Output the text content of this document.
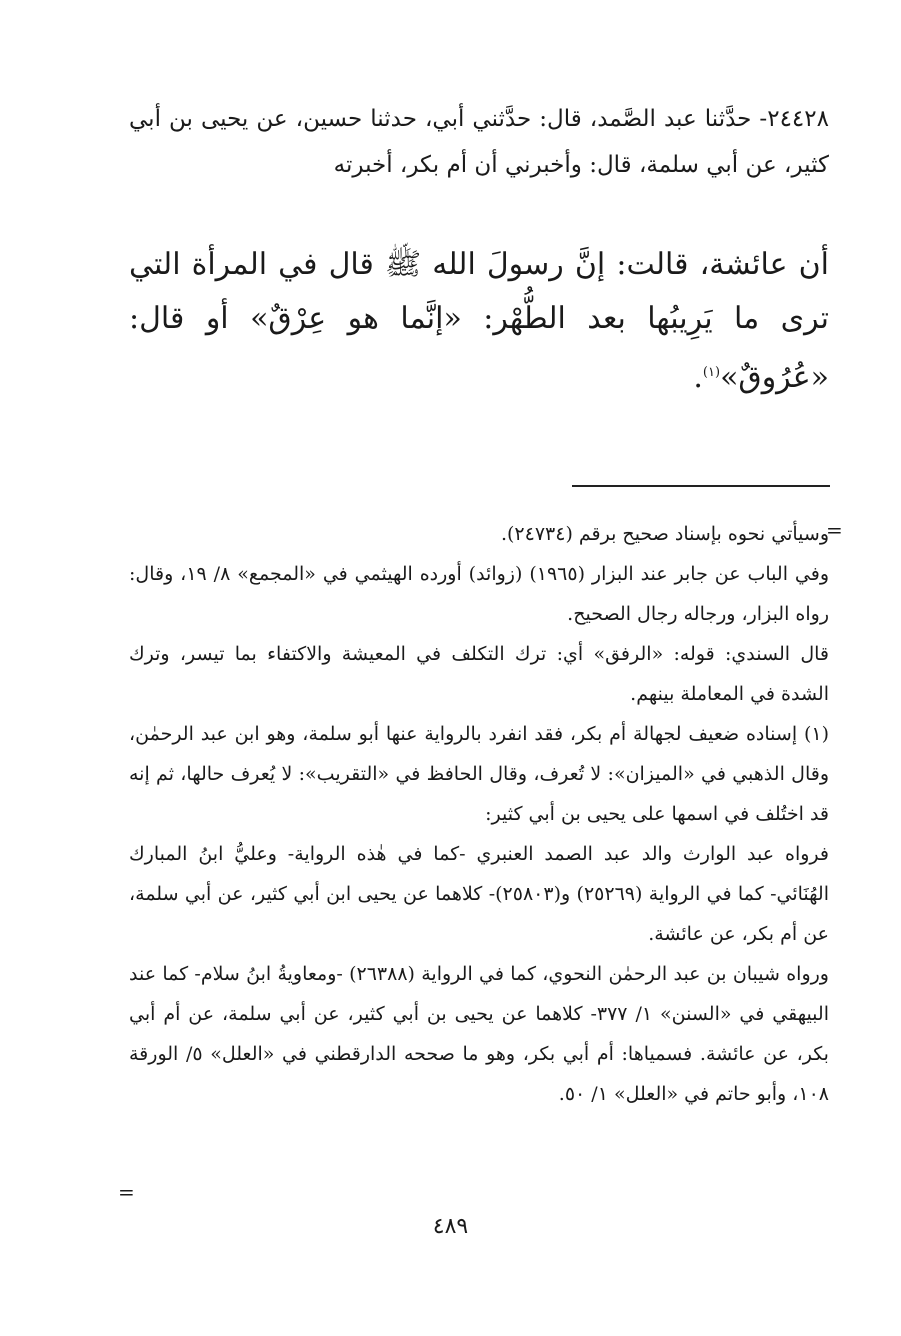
٢٤٤٢٨- حدَّثنا عبد الصَّمد، قال: حدَّثني أبي، حدثنا حسين، عن يحيى بن أبي كثير، عن أبي سلمة، قال: وأخبرني أن أم بكر، أخبرته
أن عائشة، قالت: إنَّ رسولَ الله ﷺ قال في المرأة التي ترى ما يَرِيبُها بعد الطُّهْر: «إنَّما هو عِرْقٌ» أو قال: «عُرُوقٌ»$^{(١)}$.
=

وسيأتي نحوه بإسناد صحيح برقم (٢٤٧٣٤).

وفي الباب عن جابر عند البزار (١٩٦٥) (زوائد) أورده الهيثمي في «المجمع» ٨/ ١٩، وقال: رواه البزار، ورجاله رجال الصحيح.

قال السندي: قوله: «الرفق» أي: ترك التكلف في المعيشة والاكتفاء بما تيسر، وترك الشدة في المعاملة بينهم.

(١) إسناده ضعيف لجهالة أم بكر، فقد انفرد بالرواية عنها أبو سلمة، وهو ابن عبد الرحمٰن، وقال الذهبي في «الميزان»: لا تُعرف، وقال الحافظ في «التقريب»: لا يُعرف حالها، ثم إنه قد اختُلف في اسمها على يحيى بن أبي كثير:

فرواه عبد الوارث والد عبد الصمد العنبري -كما في هٰذه الرواية- وعليُّ ابنُ المبارك الهُنَائي- كما في الرواية (٢٥٢٦٩) و(٢٥٨٠٣)- كلاهما عن يحيى ابن أبي كثير، عن أبي سلمة، عن أم بكر، عن عائشة.

ورواه شيبان بن عبد الرحمٰن النحوي، كما في الرواية (٢٦٣٨٨) -ومعاويةُ ابنُ سلام- كما عند البيهقي في «السنن» ١/ ٣٧٧- كلاهما عن يحيى بن أبي كثير، عن أبي سلمة، عن أم أبي بكر، عن عائشة. فسمياها: أم أبي بكر، وهو ما صححه الدارقطني في «العلل» ٥/ الورقة ١٠٨، وأبو حاتم في «العلل» ١/ ٥٠.

=
٤٨٩
